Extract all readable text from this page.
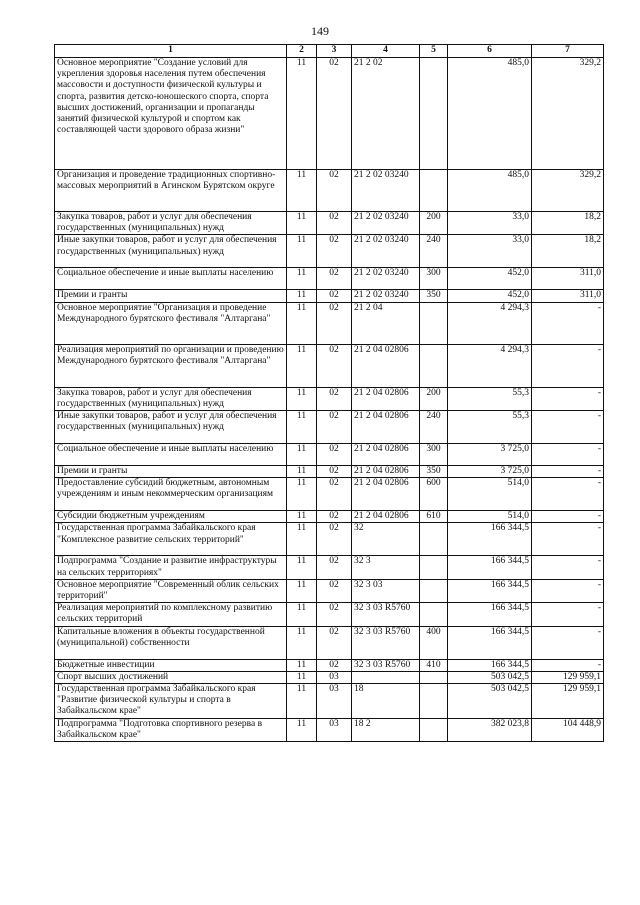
149
1	2	3	4	5	6	7
Основное мероприятие "Создание условий для укрепления здоровья населения путем обеспечения массовости и доступности физической культуры и спорта, развития детско-юношеского спорта, спорта высших достижений, организации и пропаганды занятий физической культурой и спортом как составляющей части здорового образа жизни"	11	02	21 2 02		485,0	329,2
Организация и проведение традиционных спортивно-массовых мероприятий в Агинском Бурятском округе	11	02	21 2 02 03240		485,0	329,2
Закупка товаров, работ и услуг для обеспечения государственных (муниципальных) нужд	11	02	21 2 02 03240	200	33,0	18,2
Иные закупки товаров, работ и услуг для обеспечения государственных (муниципальных) нужд	11	02	21 2 02 03240	240	33,0	18,2
Социальное обеспечение и иные выплаты населению	11	02	21 2 02 03240	300	452,0	311,0
Премии и гранты	11	02	21 2 02 03240	350	452,0	311,0
Основное мероприятие "Организация и проведение Международного бурятского фестиваля "Алтаргана"	11	02	21 2 04		4 294,3	-
Реализация мероприятий по организации и проведению Международного бурятского фестиваля "Алтаргана"	11	02	21 2 04 02806		4 294,3	-
Закупка товаров, работ и услуг для обеспечения государственных (муниципальных) нужд	11	02	21 2 04 02806	200	55,3	-
Иные закупки товаров, работ и услуг для обеспечения государственных (муниципальных) нужд	11	02	21 2 04 02806	240	55,3	-
Социальное обеспечение и иные выплаты населению	11	02	21 2 04 02806	300	3 725,0	-
Премии и гранты	11	02	21 2 04 02806	350	3 725,0	-
Предоставление субсидий бюджетным, автономным учреждениям и иным некоммерческим организациям	11	02	21 2 04 02806	600	514,0	-
Субсидии бюджетным учреждениям	11	02	21 2 04 02806	610	514,0	-
Государственная программа Забайкальского края "Комплексное развитие сельских территорий"	11	02	32		166 344,5	-
Подпрограмма "Создание и развитие инфраструктуры на сельских территориях"	11	02	32 3		166 344,5	-
Основное мероприятие "Современный облик сельских территорий"	11	02	32 3 03		166 344,5	-
Реализация мероприятий по комплексному развитию сельских территорий	11	02	32 3 03 R5760		166 344,5	-
Капитальные вложения в объекты государственной (муниципальной) собственности	11	02	32 3 03 R5760	400	166 344,5	-
Бюджетные инвестиции	11	02	32 3 03 R5760	410	166 344,5	-
Спорт высших достижений	11	03			503 042,5	129 959,1
Государственная программа Забайкальского края "Развитие физической культуры и спорта в Забайкальском крае"	11	03	18		503 042,5	129 959,1
Подпрограмма "Подготовка спортивного резерва в Забайкальском крае"	11	03	18 2		382 023,8	104 448,9
